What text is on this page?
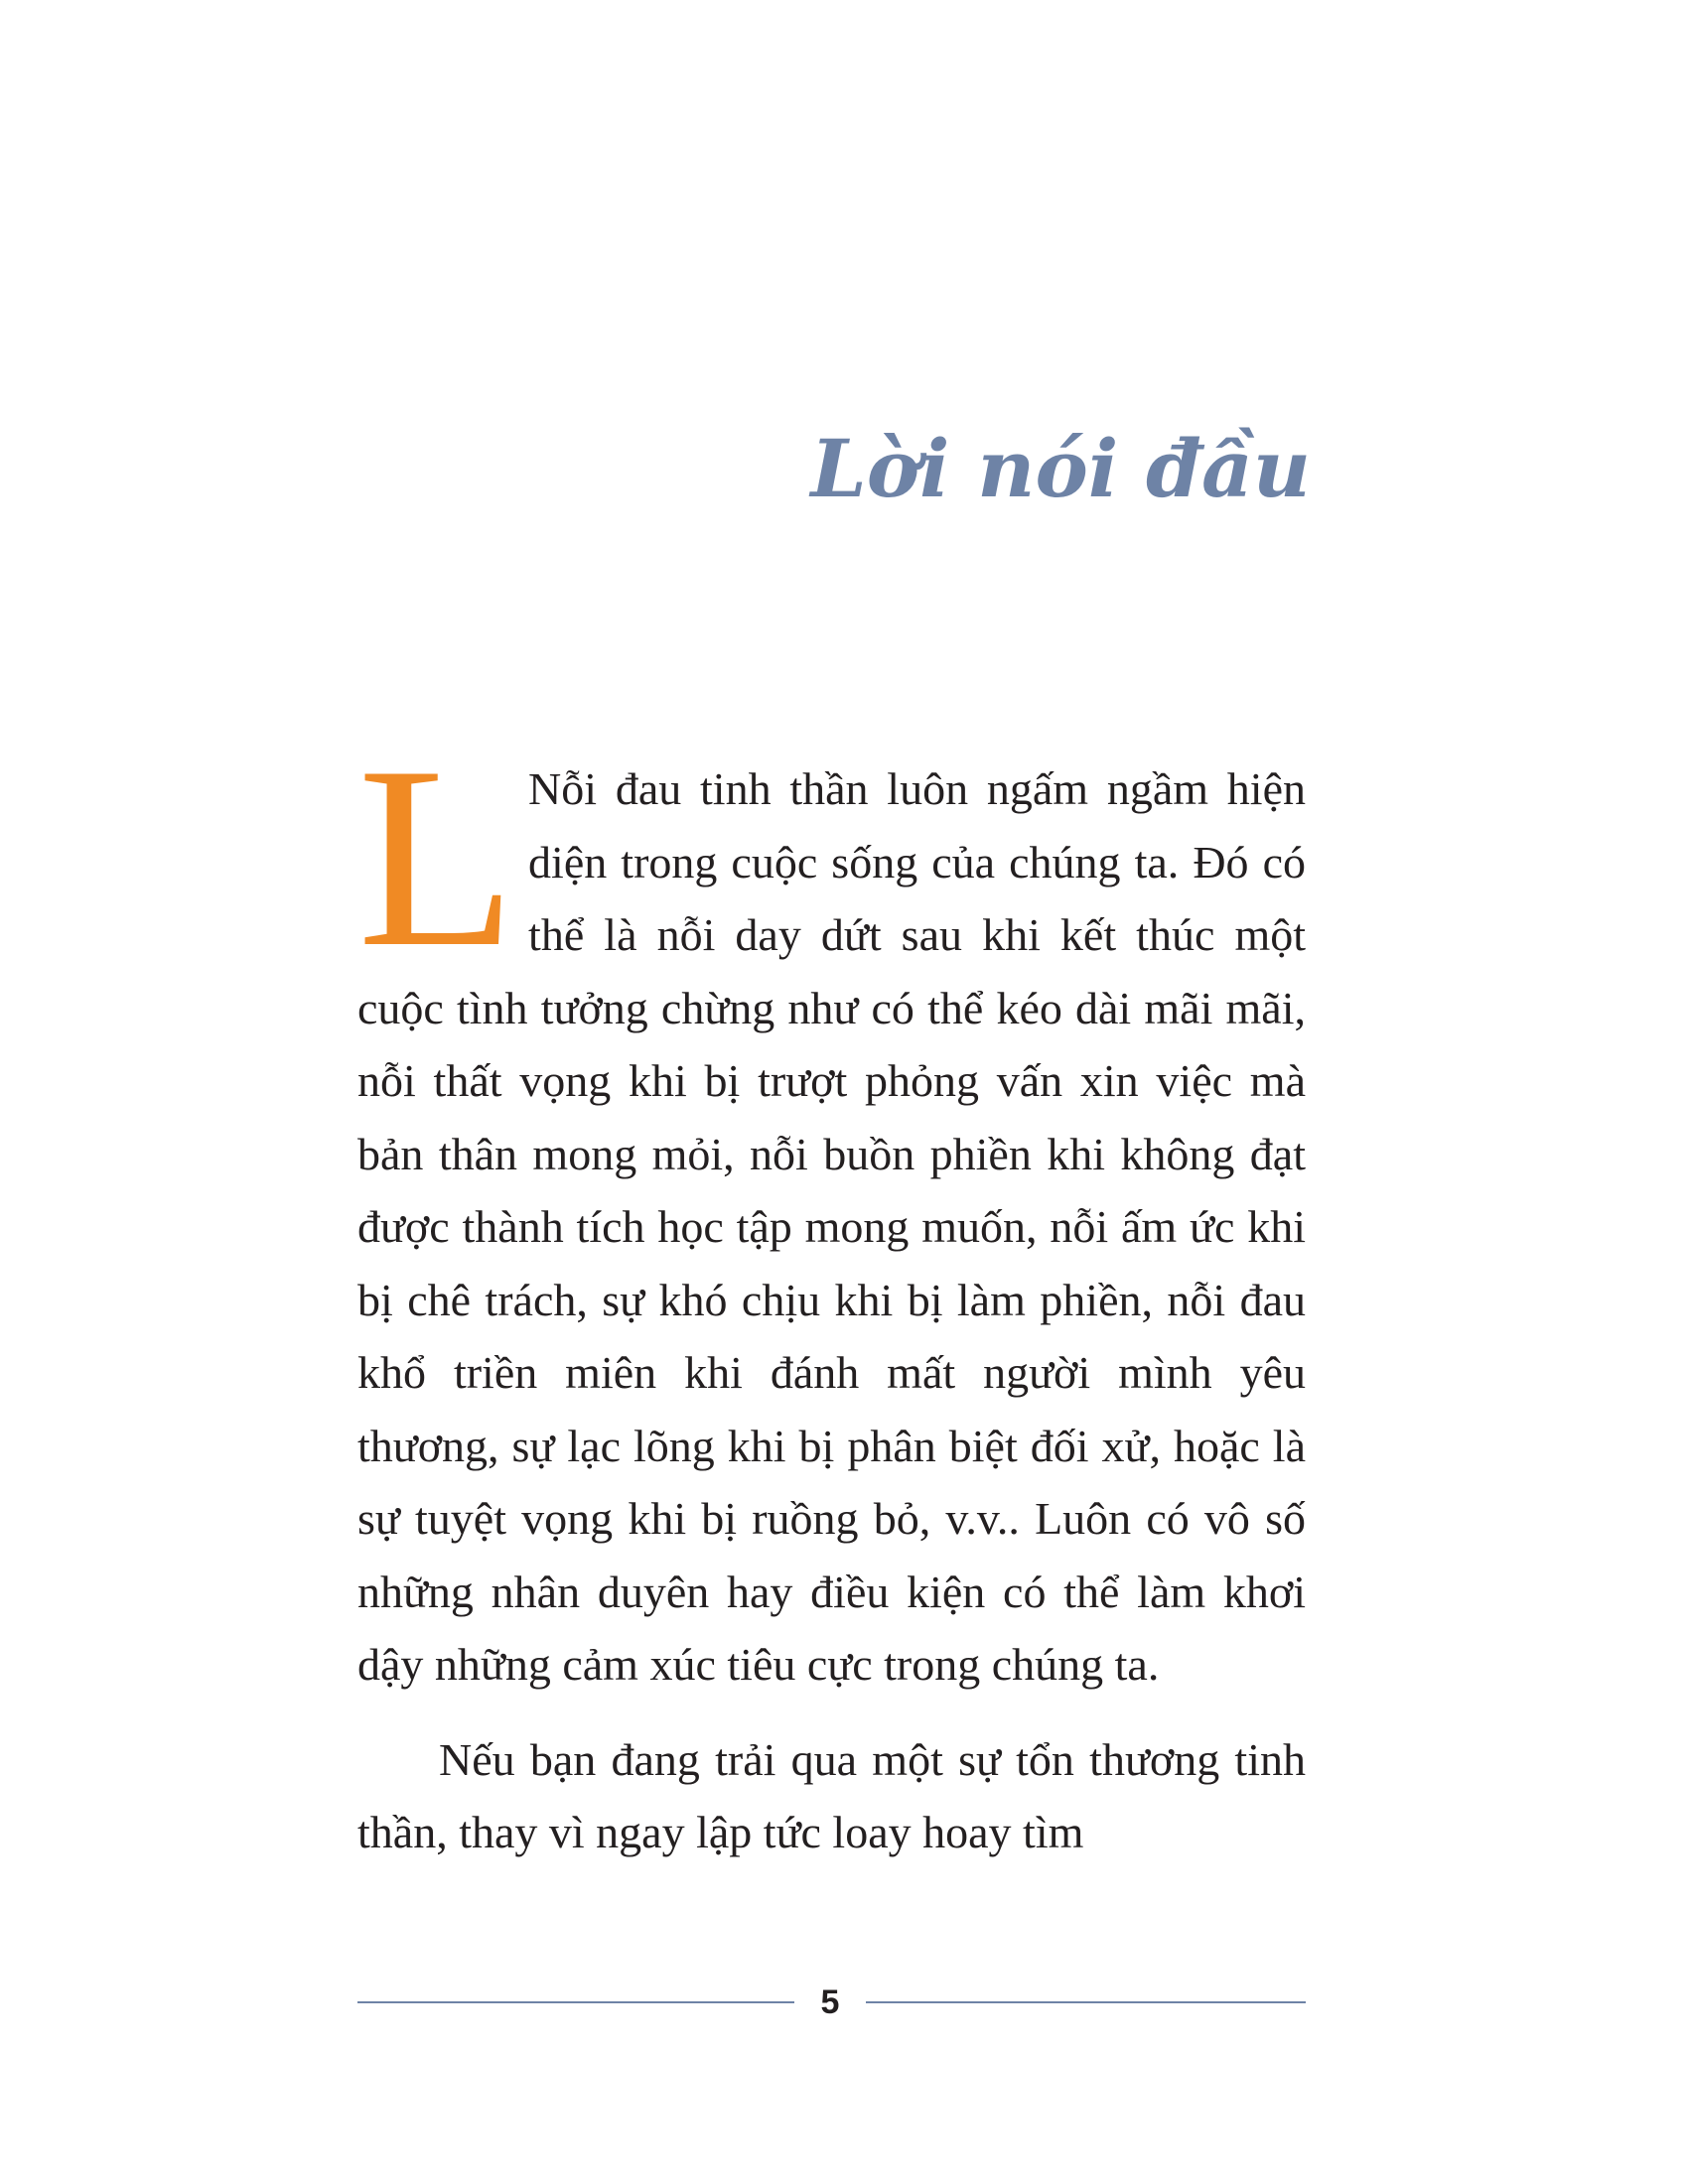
Lời nói đầu
L Nỗi đau tinh thần luôn ngấm ngầm hiện diện trong cuộc sống của chúng ta. Đó có thể là nỗi day dứt sau khi kết thúc một cuộc tình tưởng chừng như có thể kéo dài mãi mãi, nỗi thất vọng khi bị trượt phỏng vấn xin việc mà bản thân mong mỏi, nỗi buồn phiền khi không đạt được thành tích học tập mong muốn, nỗi ấm ức khi bị chê trách, sự khó chịu khi bị làm phiền, nỗi đau khổ triền miên khi đánh mất người mình yêu thương, sự lạc lõng khi bị phân biệt đối xử, hoặc là sự tuyệt vọng khi bị ruồng bỏ, v.v.. Luôn có vô số những nhân duyên hay điều kiện có thể làm khơi dậy những cảm xúc tiêu cực trong chúng ta.

Nếu bạn đang trải qua một sự tổn thương tinh thần, thay vì ngay lập tức loay hoay tìm

5
